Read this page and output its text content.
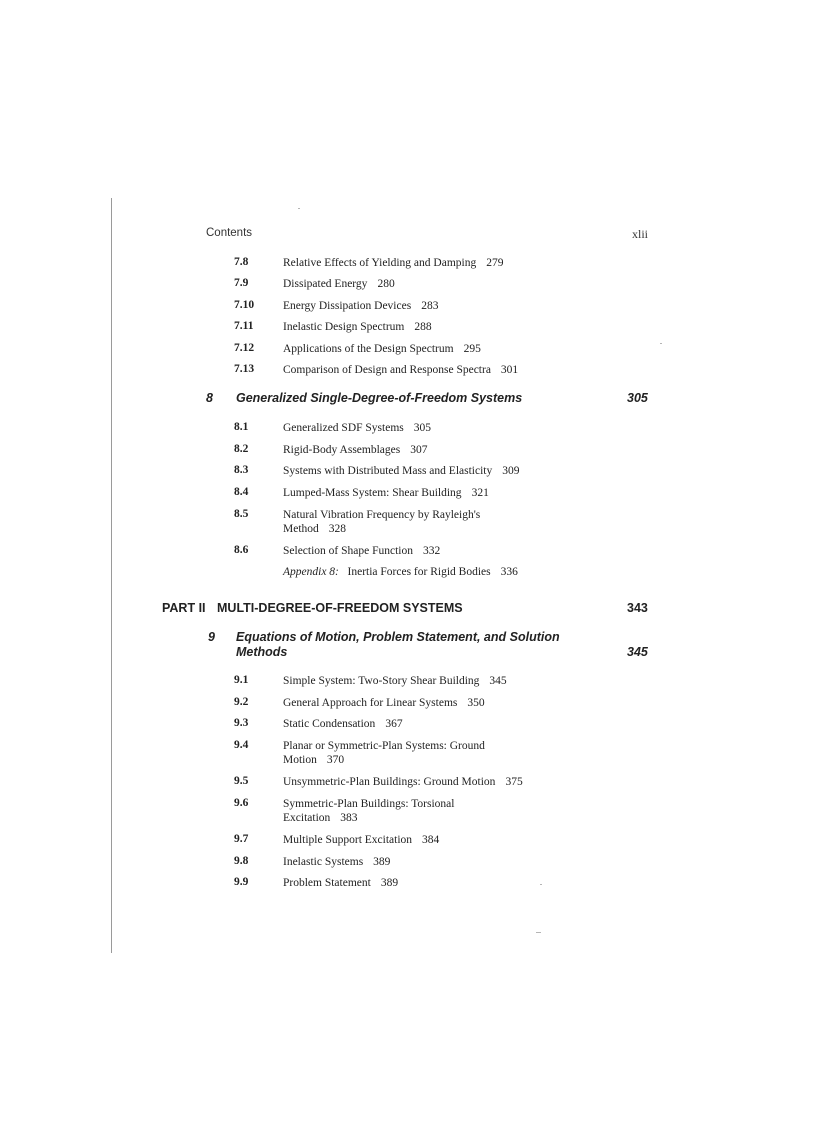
Contents	xlii
7.8	Relative Effects of Yielding and Damping 279
7.9	Dissipated Energy 280
7.10	Energy Dissipation Devices 283
7.11	Inelastic Design Spectrum 288
7.12	Applications of the Design Spectrum 295
7.13	Comparison of Design and Response Spectra 301
8 Generalized Single-Degree-of-Freedom Systems	305
8.1	Generalized SDF Systems 305
8.2	Rigid-Body Assemblages 307
8.3	Systems with Distributed Mass and Elasticity 309
8.4	Lumped-Mass System: Shear Building 321
8.5	Natural Vibration Frequency by Rayleigh's Method 328
8.6	Selection of Shape Function 332
Appendix 8: Inertia Forces for Rigid Bodies 336
PART II MULTI-DEGREE-OF-FREEDOM SYSTEMS	343
9 Equations of Motion, Problem Statement, and Solution Methods	345
9.1	Simple System: Two-Story Shear Building 345
9.2	General Approach for Linear Systems 350
9.3	Static Condensation 367
9.4	Planar or Symmetric-Plan Systems: Ground Motion 370
9.5	Unsymmetric-Plan Buildings: Ground Motion 375
9.6	Symmetric-Plan Buildings: Torsional Excitation 383
9.7	Multiple Support Excitation 384
9.8	Inelastic Systems 389
9.9	Problem Statement 389
